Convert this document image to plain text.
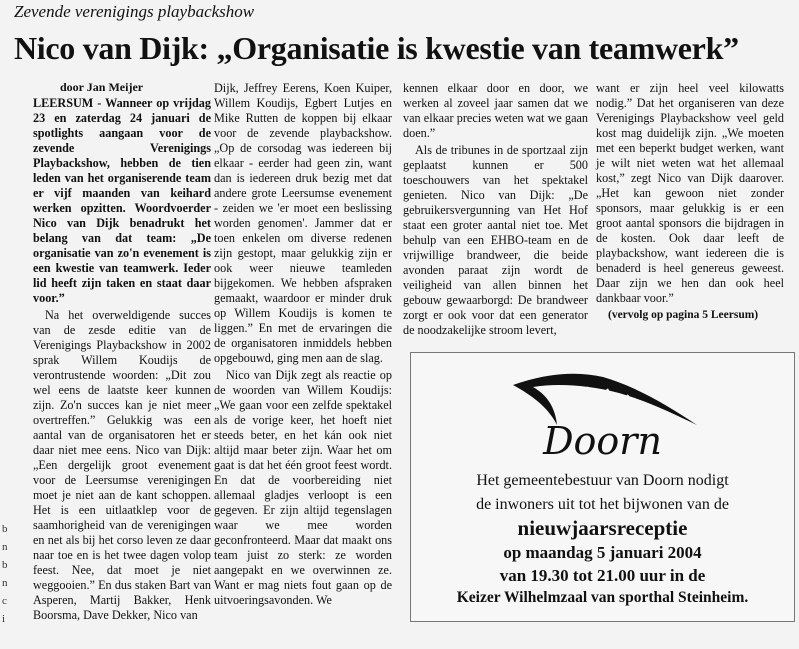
Zevende verenigings playbackshow
Nico van Dijk: „Organisatie is kwestie van teamwerk”
door Jan Meijer

LEERSUM - Wanneer op vrijdag 23 en zaterdag 24 januari de spotlights aangaan voor de zevende Verenigings Playbackshow, hebben de tien leden van het organiserende team er vijf maanden van keihard werken opzitten. Woordvoerder Nico van Dijk benadrukt het belang van dat team: „De organisatie van zo'n evenement is een kwestie van teamwerk. Ieder lid heeft zijn taken en staat daar voor.”

Na het overweldigende succes van de zesde editie van de Verenigings Playbackshow in 2002 sprak Willem Koudijs de verontrustende woorden: „Dit zou wel eens de laatste keer kunnen zijn. Zo'n succes kan je niet meer overtreffen.” Gelukkig was een aantal van de organisatoren het er daar niet mee eens. Nico van Dijk: „Een dergelijk groot evenement voor de Leersumse verenigingen moet je niet aan de kant schoppen. Het is een uitlaatklep voor de saamhorigheid van de verenigingen en net als bij het corso leven ze daar naar toe en is het twee dagen volop feest. Nee, dat moet je niet weggooien.” En dus staken Bart van Asperen, Martij Bakker, Henk Boorsma, Dave Dekker, Nico van

Dijk, Jeffrey Eerens, Koen Kuiper, Willem Koudijs, Egbert Lutjes en Mike Rutten de koppen bij elkaar voor de zevende playbackshow. „Op de corsodag was iedereen bij elkaar - eerder had geen zin, want dan is iedereen druk bezig met dat andere grote Leersumse evenement - zeiden we 'er moet een beslissing worden genomen'. Jammer dat er toen enkelen om diverse redenen zijn gestopt, maar gelukkig zijn er ook weer nieuwe teamleden bijgekomen. We hebben afspraken gemaakt, waardoor er minder druk op Willem Koudijs is komen te liggen.” En met de ervaringen die de organisatoren inmiddels hebben opgebouwd, ging men aan de slag.

Nico van Dijk zegt als reactie op de woorden van Willem Koudijs: „We gaan voor een zelfde spektakel als de vorige keer, het hoeft niet steeds beter, en het kán ook niet altijd maar beter zijn. Waar het om gaat is dat het één groot feest wordt. En dat de voorbereiding niet allemaal gladjes verloopt is een gegeven. Er zijn altijd tegenslagen waar we mee worden geconfronteerd. Maar dat maakt ons team juist zo sterk: ze worden aangepakt en we overwinnen ze. Want er mag niets fout gaan op de uitvoeringsavonden. We

kennen elkaar door en door, we werken al zoveel jaar samen dat we van elkaar precies weten wat we gaan doen.”

Als de tribunes in de sportzaal zijn geplaatst kunnen er 500 toeschouwers van het spektakel genieten. Nico van Dijk: „De gebruikersvergunning van Het Hof staat een groter aantal niet toe. Met behulp van een EHBO-team en de vrijwillige brandweer, die beide avonden paraat zijn wordt de veiligheid van allen binnen het gebouw gewaarborgd: De brandweer zorgt er ook voor dat een generator de noodzakelijke stroom levert,

want er zijn heel veel kilowatts nodig.” Dat het organiseren van deze Verenigings Playbackshow veel geld kost mag duidelijk zijn. „We moeten met een beperkt budget werken, want je wilt niet weten wat het allemaal kost,” zegt Nico van Dijk daarover. „Het kan gewoon niet zonder sponsors, maar gelukkig is er een groot aantal sponsors die bijdragen in de kosten. Ook daar leeft de playbackshow, want iedereen die is benaderd is heel genereus geweest. Daar zijn we hen dan ook heel dankbaar voor.”

(vervolg op pagina 5 Leersum)

b
n
b
n
c
i
Doorn
Het gemeentebestuur van Doorn nodigt
de inwoners uit tot het bijwonen van de
nieuwjaarsreceptie
op maandag 5 januari 2004
van 19.30 tot 21.00 uur in de
Keizer Wilhelmzaal van sporthal Steinheim.
